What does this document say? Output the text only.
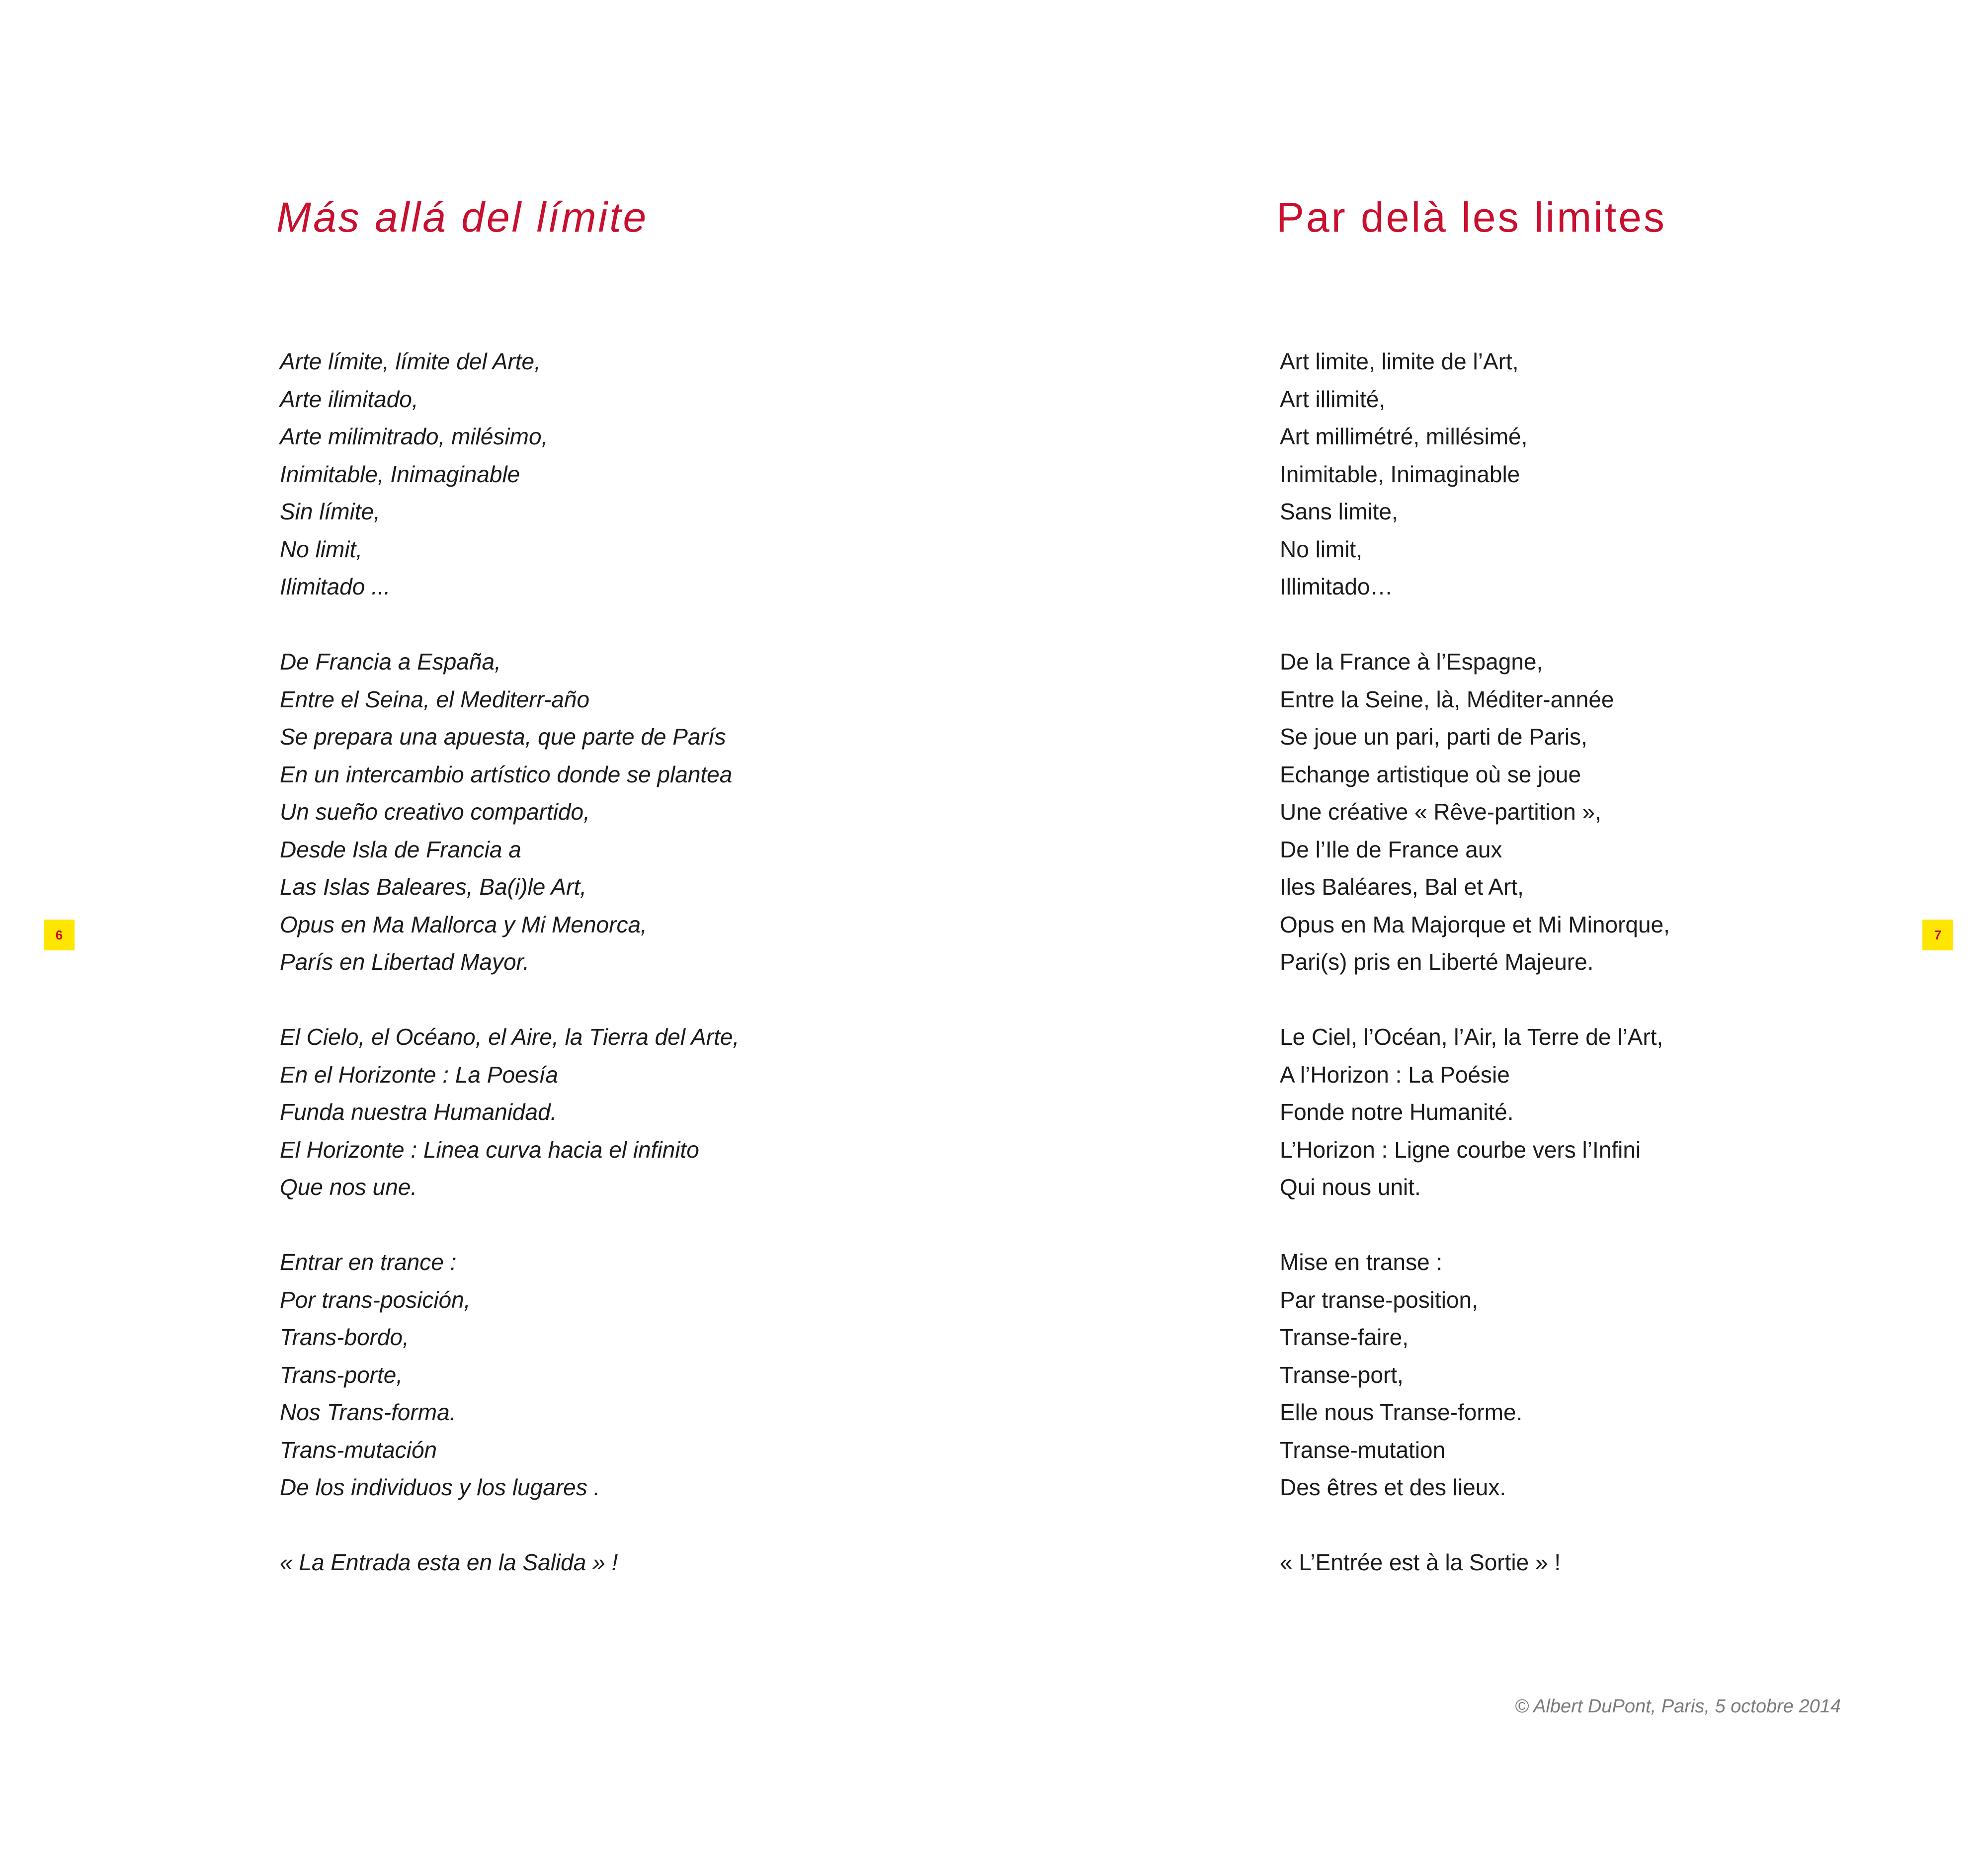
Más allá del límite
Arte límite, límite del Arte,
Arte ilimitado,
Arte milimitrado, milésimo,
Inimitable, Inimaginable
Sin límite,
No limit,
Ilimitado ...
De Francia a España,
Entre el Seina, el Mediterr-año
Se prepara una apuesta, que parte de París
En un intercambio artístico donde se plantea
Un sueño creativo compartido,
Desde Isla de Francia a
Las Islas Baleares, Ba(i)le Art,
Opus en Ma Mallorca y Mi Menorca,
París en Libertad Mayor.
El Cielo, el Océano, el Aire, la Tierra del Arte,
En el Horizonte : La Poesía
Funda nuestra Humanidad.
El Horizonte : Linea curva hacia el infinito
Que nos une.
Entrar en trance :
Por trans-posición,
Trans-bordo,
Trans-porte,
Nos Trans-forma.
Trans-mutación
De los individuos y los lugares .
« La Entrada esta en la Salida » !
6
Par delà les limites
Art limite, limite de l’Art,
Art illimité,
Art millimétré, millésimé,
Inimitable, Inimaginable
Sans limite,
No limit,
Illimitado…
De la France à l’Espagne,
Entre la Seine, là, Méditer-année
Se joue un pari, parti de Paris,
Echange artistique où se joue
Une créative « Rêve-partition »,
De l’Ile de France aux
Iles Baléares, Bal et Art,
Opus en Ma Majorque et Mi Minorque,
Pari(s) pris en Liberté Majeure.
Le Ciel, l’Océan, l’Air, la Terre de l’Art,
A l’Horizon : La Poésie
Fonde notre Humanité.
L’Horizon : Ligne courbe vers l’Infini
Qui nous unit.
Mise en transe :
Par transe-position,
Transe-faire,
Transe-port,
Elle nous Transe-forme.
Transe-mutation
Des êtres et des lieux.
« L’Entrée est à la Sortie » !
© Albert DuPont, Paris, 5 octobre 2014
7
